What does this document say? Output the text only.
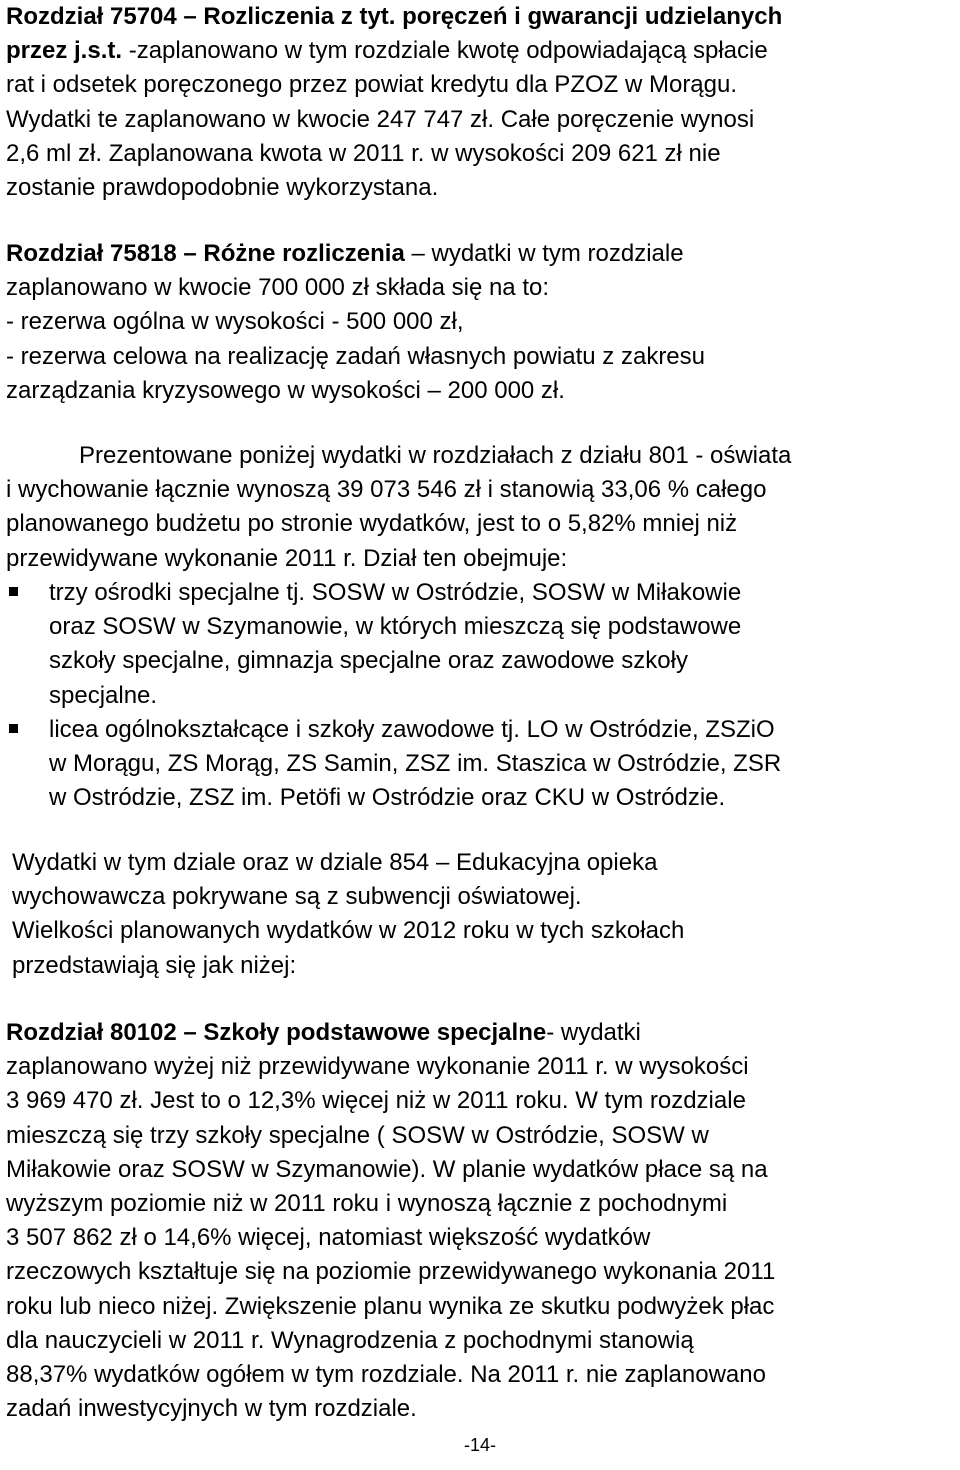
Rozdział 75704 – Rozliczenia z tyt. poręczeń i gwarancji udzielanych
przez j.s.t. -zaplanowano w tym rozdziale kwotę odpowiadającą spłacie
rat i odsetek poręczonego przez powiat kredytu dla PZOZ w Morągu.
Wydatki te zaplanowano w kwocie 247 747 zł. Całe poręczenie wynosi
2,6 ml zł. Zaplanowana kwota w 2011 r. w wysokości 209 621 zł nie
zostanie prawdopodobnie wykorzystana.

Rozdział 75818 – Różne rozliczenia – wydatki w tym rozdziale
zaplanowano w kwocie 700 000 zł składa się na to:
- rezerwa ogólna w wysokości - 500 000 zł,
- rezerwa celowa na realizację zadań własnych powiatu z zakresu
zarządzania kryzysowego w wysokości – 200 000 zł.

Prezentowane poniżej wydatki w rozdziałach z działu 801 - oświata
i wychowanie łącznie wynoszą 39 073 546 zł i stanowią 33,06 % całego
planowanego budżetu po stronie wydatków, jest to o 5,82% mniej niż
przewidywane wykonanie 2011 r. Dział ten obejmuje:

trzy ośrodki specjalne tj. SOSW w Ostródzie, SOSW w Miłakowie
oraz SOSW w Szymanowie, w których mieszczą się podstawowe
szkoły specjalne, gimnazja specjalne oraz zawodowe szkoły
specjalne.
licea ogólnokształcące i szkoły zawodowe tj. LO w Ostródzie, ZSZiO
w Morągu, ZS Morąg, ZS Samin, ZSZ im. Staszica w Ostródzie, ZSR
w Ostródzie, ZSZ im. Petöfi w Ostródzie oraz CKU w Ostródzie.

Wydatki w tym dziale oraz w dziale 854 – Edukacyjna opieka
wychowawcza pokrywane są z subwencji oświatowej.
Wielkości planowanych wydatków w 2012 roku w tych szkołach
przedstawiają się jak niżej:

Rozdział 80102 – Szkoły podstawowe specjalne- wydatki
zaplanowano wyżej niż przewidywane wykonanie 2011 r. w wysokości
3 969 470 zł. Jest to o 12,3% więcej niż w 2011 roku. W tym rozdziale
mieszczą się trzy szkoły specjalne ( SOSW w Ostródzie, SOSW w
Miłakowie oraz SOSW w Szymanowie). W planie wydatków płace są na
wyższym poziomie niż w 2011 roku i wynoszą łącznie z pochodnymi
3 507 862 zł o 14,6% więcej, natomiast większość wydatków
rzeczowych kształtuje się na poziomie przewidywanego wykonania 2011
roku lub nieco niżej. Zwiększenie planu wynika ze skutku podwyżek płac
dla nauczycieli w 2011 r. Wynagrodzenia z pochodnymi stanowią
88,37% wydatków ogółem w tym rozdziale. Na 2011 r. nie zaplanowano
zadań inwestycyjnych w tym rozdziale.

-14-
